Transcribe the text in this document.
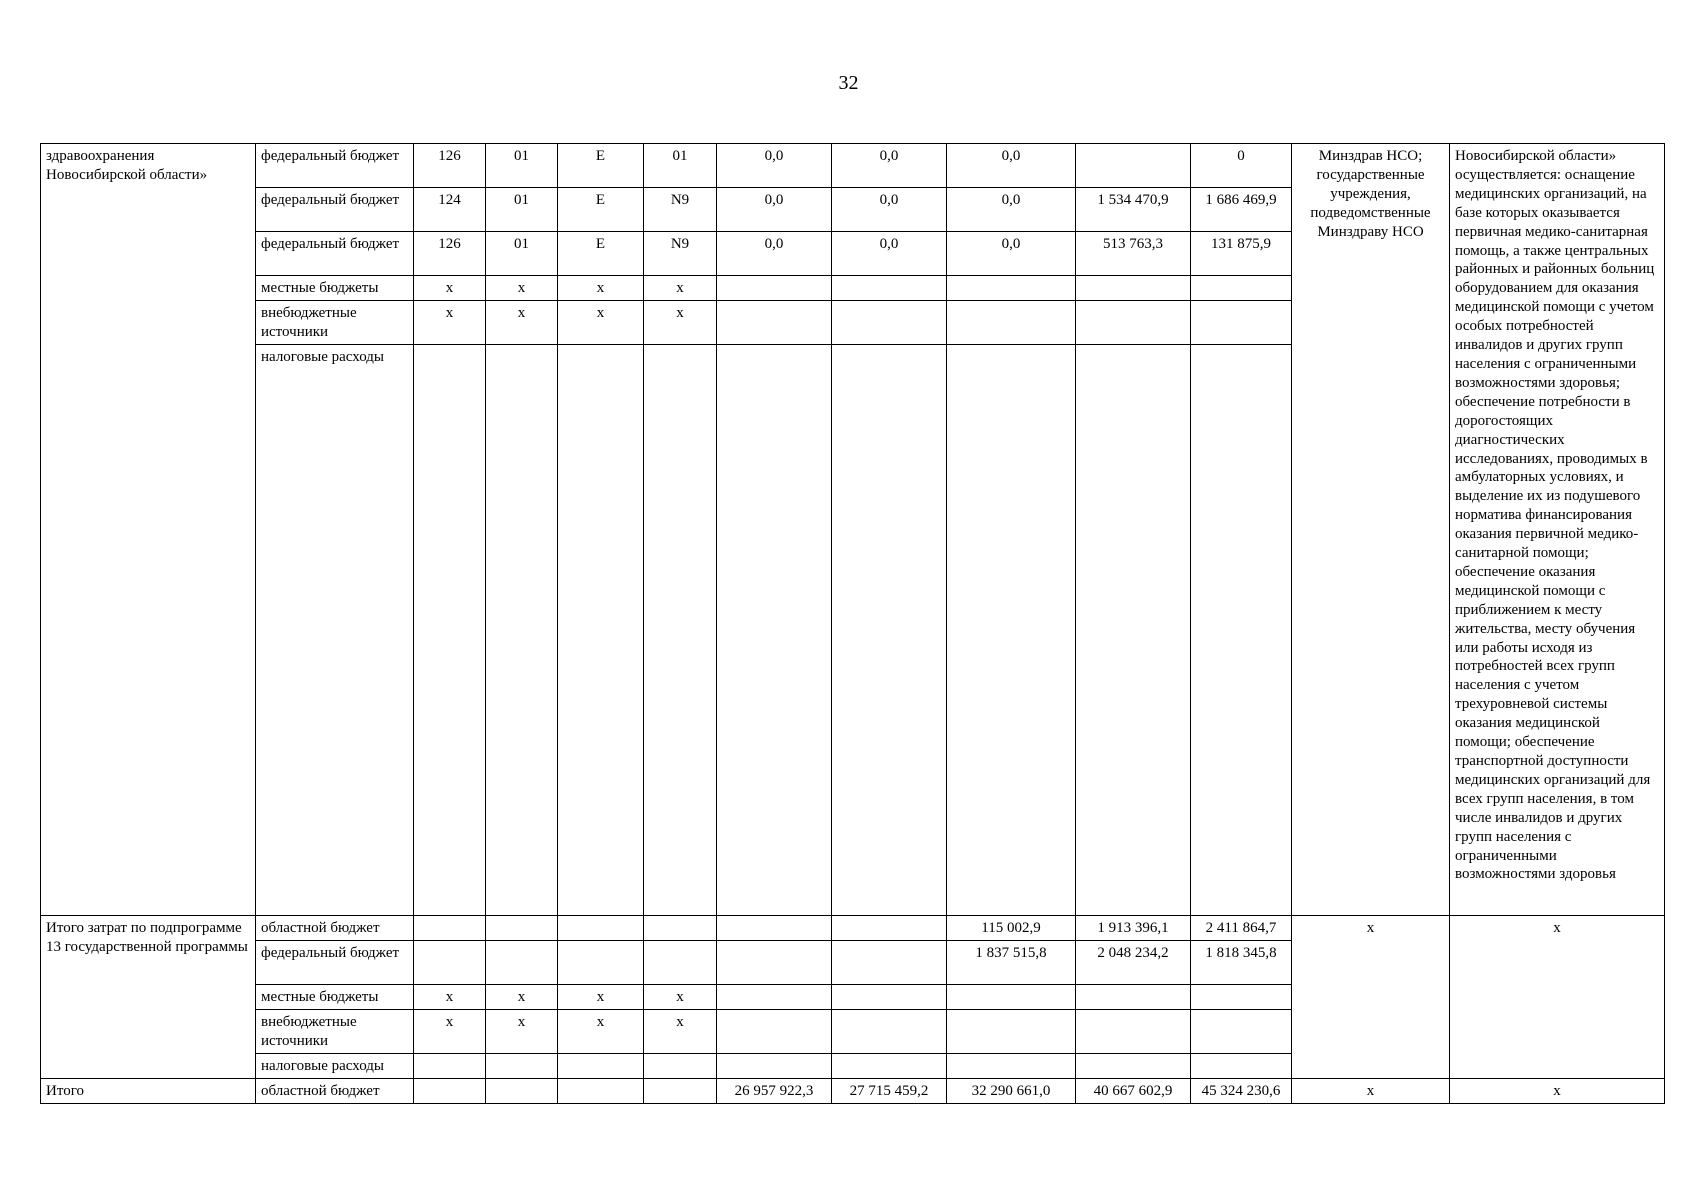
32
здравоохранения Новосибирской области»	федеральный бюджет	126	01	E	01	0,0	0,0	0,0		0	Минздрав НСО; государственные учреждения, подведомственные Минздраву НСО	Новосибирской области» осуществляется: оснащение медицинских организаций, на базе которых оказывается первичная медико-санитарная помощь, а также центральных районных и районных больниц оборудованием для оказания медицинской помощи с учетом особых потребностей инвалидов и других групп населения с ограниченными возможностями здоровья; обеспечение потребности в дорогостоящих диагностических исследованиях, проводимых в амбулаторных условиях, и выделение их из подушевого норматива финансирования оказания первичной медико-санитарной помощи; обеспечение оказания медицинской помощи с приближением к месту жительства, месту обучения или работы исходя из потребностей всех групп населения с учетом трехуровневой системы оказания медицинской помощи; обеспечение транспортной доступности медицинских организаций для всех групп населения, в том числе инвалидов и других групп населения с ограниченными возможностями здоровья
	федеральный бюджет	124	01	E	N9	0,0	0,0	0,0	1 534 470,9	1 686 469,9		
	федеральный бюджет	126	01	E	N9	0,0	0,0	0,0	513 763,3	131 875,9		
	местные бюджеты	x	x	x	x							
	внебюджетные источники	x	x	x	x							
	налоговые расходы											
Итого затрат по подпрограмме 13 государственной программы	областной бюджет							115 002,9	1 913 396,1	2 411 864,7	x	x
	федеральный бюджет							1 837 515,8	2 048 234,2	1 818 345,8		
	местные бюджеты	x	x	x	x							
	внебюджетные источники	x	x	x	x							
	налоговые расходы											
Итого	областной бюджет					26 957 922,3	27 715 459,2	32 290 661,0	40 667 602,9	45 324 230,6	x	x
